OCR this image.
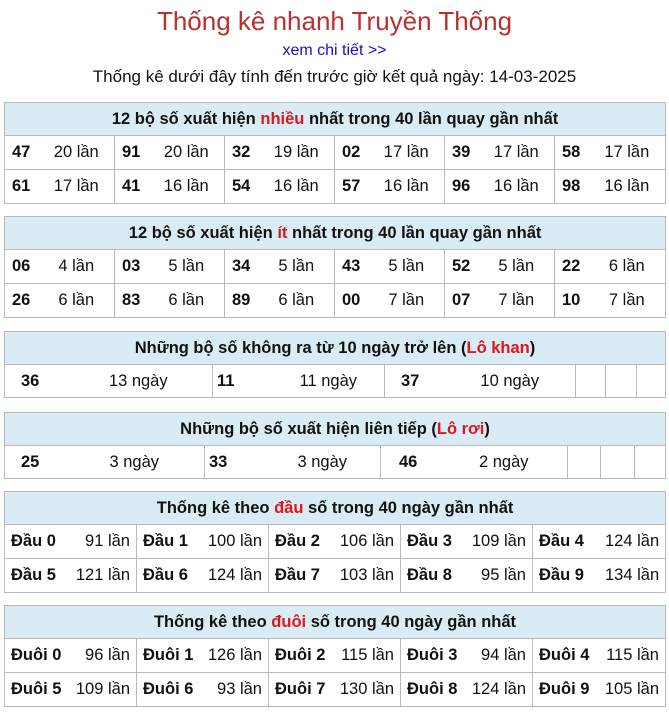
Thống kê nhanh Truyền Thống
xem chi tiết >>
Thống kê dưới đây tính đến trước giờ kết quả ngày: 14-03-2025
12 bộ số xuất hiện nhiều nhất trong 40 lần quay gần nhất											
47	20 lần	91	20 lần	32	19 lần	02	17 lần	39	17 lần	58	17 lần
61	17 lần	41	16 lần	54	16 lần	57	16 lần	96	16 lần	98	16 lần
12 bộ số xuất hiện ít nhất trong 40 lần quay gần nhất											
06	4 lần	03	5 lần	34	5 lần	43	5 lần	52	5 lần	22	6 lần
26	6 lần	83	6 lần	89	6 lần	00	7 lần	07	7 lần	10	7 lần
Những bộ số không ra từ 10 ngày trở lên (Lô khan)
36	13 ngày	11	11 ngày	37	10 ngày			
Những bộ số xuất hiện liên tiếp (Lô rơi)
25	3 ngày	33	3 ngày	46	2 ngày			
Thống kê theo đầu số trong 40 ngày gần nhất									
Đầu 0	91 lần	Đầu 1	100 lần	Đầu 2	106 lần	Đầu 3	109 lần	Đầu 4	124 lần
Đầu 5	121 lần	Đầu 6	124 lần	Đầu 7	103 lần	Đầu 8	95 lần	Đầu 9	134 lần
Thống kê theo đuôi số trong 40 ngày gần nhất									
Đuôi 0	96 lần	Đuôi 1	126 lần	Đuôi 2	115 lần	Đuôi 3	94 lần	Đuôi 4	115 lần
Đuôi 5	109 lần	Đuôi 6	93 lần	Đuôi 7	130 lần	Đuôi 8	124 lần	Đuôi 9	105 lần
